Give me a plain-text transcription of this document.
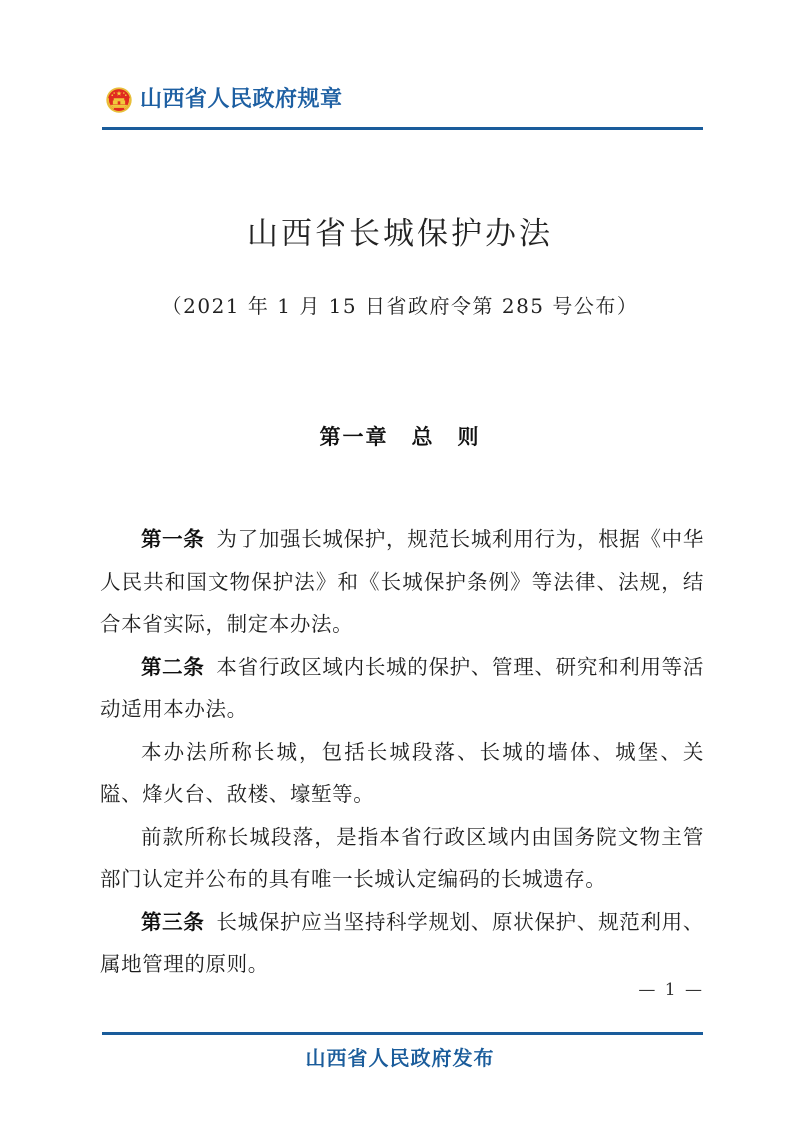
山西省人民政府规章
山西省长城保护办法
（2021 年 1 月 15 日省政府令第 285 号公布）
第一章　总　则

第一条 为了加强长城保护，规范长城利用行为，根据《中华人民共和国文物保护法》和《长城保护条例》等法律、法规，结合本省实际，制定本办法。

第二条 本省行政区域内长城的保护、管理、研究和利用等活动适用本办法。

本办法所称长城，包括长城段落、长城的墙体、城堡、关隘、烽火台、敌楼、壕堑等。

前款所称长城段落，是指本省行政区域内由国务院文物主管部门认定并公布的具有唯一长城认定编码的长城遗存。

第三条 长城保护应当坚持科学规划、原状保护、规范利用、属地管理的原则。

— 1 —
山西省人民政府发布
